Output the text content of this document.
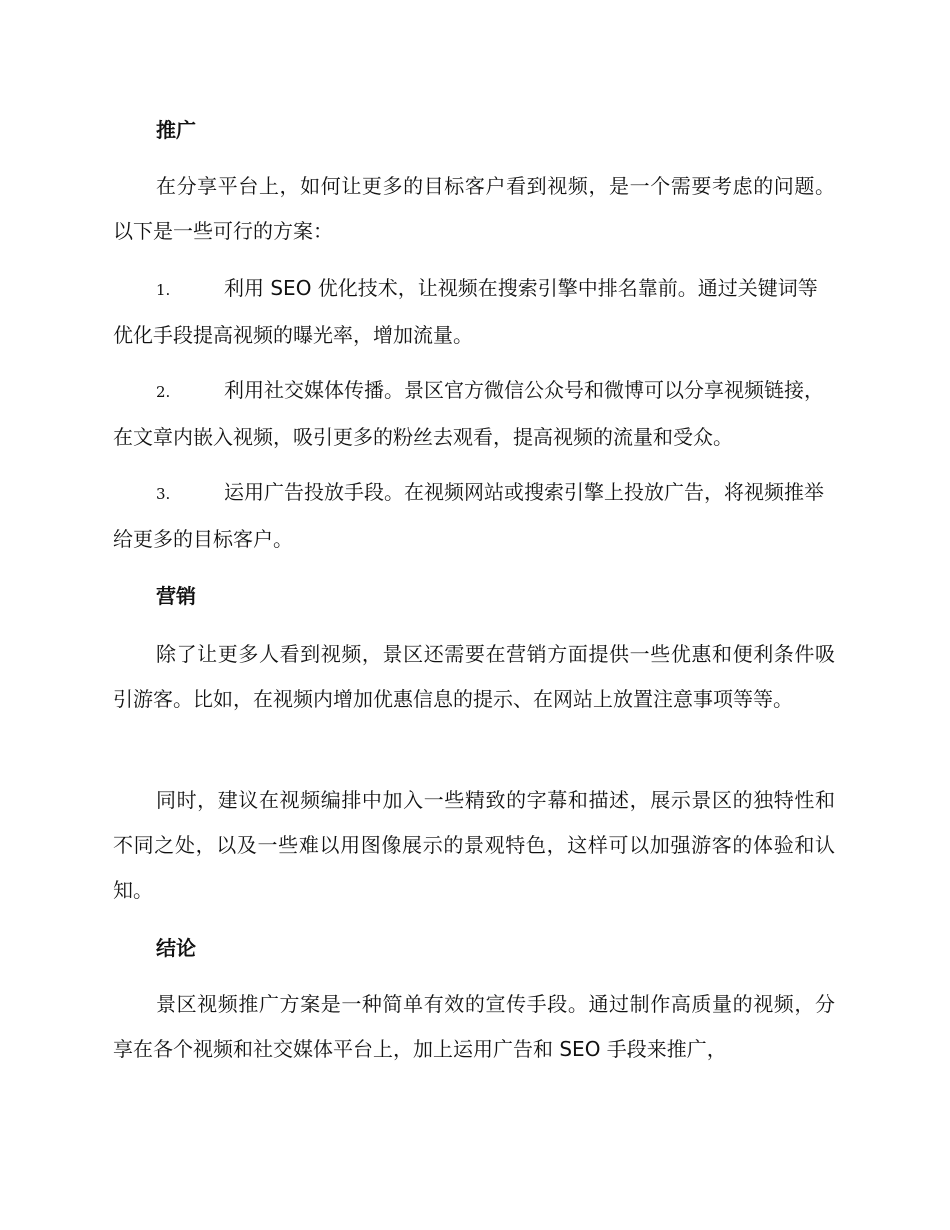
推广

在分享平台上，如何让更多的目标客户看到视频，是一个需要考虑的问题。以下是一些可行的方案：

1.	利用 SEO 优化技术，让视频在搜索引擎中排名靠前。通过关键词等优化手段提高视频的曝光率，增加流量。

2.	利用社交媒体传播。景区官方微信公众号和微博可以分享视频链接，在文章内嵌入视频，吸引更多的粉丝去观看，提高视频的流量和受众。

3.	运用广告投放手段。在视频网站或搜索引擎上投放广告，将视频推举给更多的目标客户。

营销

除了让更多人看到视频，景区还需要在营销方面提供一些优惠和便利条件吸引游客。比如，在视频内增加优惠信息的提示、在网站上放置注意事项等等。

同时，建议在视频编排中加入一些精致的字幕和描述，展示景区的独特性和不同之处，以及一些难以用图像展示的景观特色，这样可以加强游客的体验和认知。

结论

景区视频推广方案是一种简单有效的宣传手段。通过制作高质量的视频，分享在各个视频和社交媒体平台上，加上运用广告和 SEO 手段来推广，
